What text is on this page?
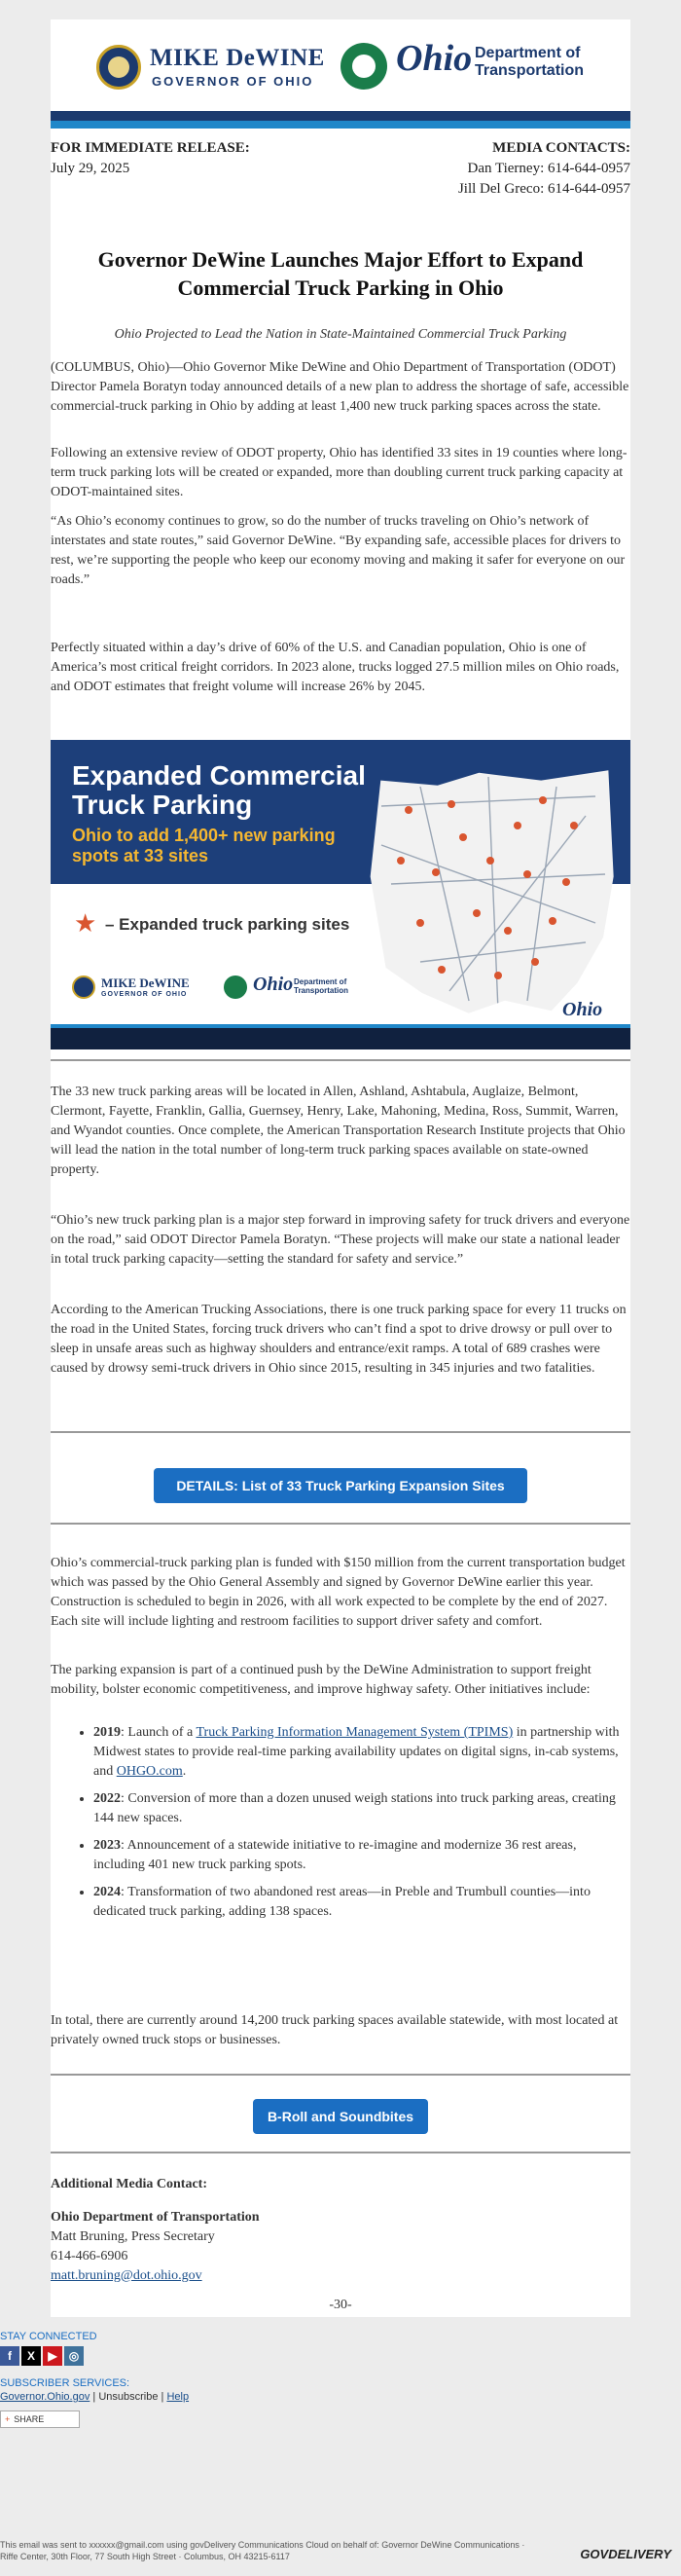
MIKE DeWINE
GOVERNOR OF OHIO
Ohio Department of
Transportation
FOR IMMEDIATE RELEASE:
July 29, 2025
MEDIA CONTACTS:
Dan Tierney: 614-644-0957
Jill Del Greco: 614-644-0957
Governor DeWine Launches Major Effort to Expand Commercial Truck Parking in Ohio
Ohio Projected to Lead the Nation in State-Maintained Commercial Truck Parking

(COLUMBUS, Ohio)—Ohio Governor Mike DeWine and Ohio Department of Transportation (ODOT) Director Pamela Boratyn today announced details of a new plan to address the shortage of safe, accessible commercial-truck parking in Ohio by adding at least 1,400 new truck parking spaces across the state.

Following an extensive review of ODOT property, Ohio has identified 33 sites in 19 counties where long-term truck parking lots will be created or expanded, more than doubling current truck parking capacity at ODOT-maintained sites.

“As Ohio’s economy continues to grow, so do the number of trucks traveling on Ohio’s network of interstates and state routes,” said Governor DeWine. “By expanding safe, accessible places for drivers to rest, we’re supporting the people who keep our economy moving and making it safer for everyone on our roads.”

Perfectly situated within a day’s drive of 60% of the U.S. and Canadian population, Ohio is one of America’s most critical freight corridors. In 2023 alone, trucks logged 27.5 million miles on Ohio roads, and ODOT estimates that freight volume will increase 26% by 2045.

Expanded Commercial
Truck Parking
Ohio to add 1,400+ new parking
spots at 33 sites
★ – Expanded truck parking sites
MIKE DeWINE
GOVERNOR OF OHIO	Ohio Department of
Transportation
Ohio

The 33 new truck parking areas will be located in Allen, Ashland, Ashtabula, Auglaize, Belmont, Clermont, Fayette, Franklin, Gallia, Guernsey, Henry, Lake, Mahoning, Medina, Ross, Summit, Warren, and Wyandot counties. Once complete, the American Transportation Research Institute projects that Ohio will lead the nation in the total number of long-term truck parking spaces available on state-owned property.

“Ohio’s new truck parking plan is a major step forward in improving safety for truck drivers and everyone on the road,” said ODOT Director Pamela Boratyn. “These projects will make our state a national leader in total truck parking capacity—setting the standard for safety and service.”

According to the American Trucking Associations, there is one truck parking space for every 11 trucks on the road in the United States, forcing truck drivers who can’t find a spot to drive drowsy or pull over to sleep in unsafe areas such as highway shoulders and entrance/exit ramps. A total of 689 crashes were caused by drowsy semi-truck drivers in Ohio since 2015, resulting in 345 injuries and two fatalities.

DETAILS: List of 33 Truck Parking Expansion Sites

Ohio’s commercial-truck parking plan is funded with $150 million from the current transportation budget which was passed by the Ohio General Assembly and signed by Governor DeWine earlier this year. Construction is scheduled to begin in 2026, with all work expected to be complete by the end of 2027. Each site will include lighting and restroom facilities to support driver safety and comfort.

The parking expansion is part of a continued push by the DeWine Administration to support freight mobility, bolster economic competitiveness, and improve highway safety. Other initiatives include:

• 2019: Launch of a Truck Parking Information Management System (TPIMS) in partnership with Midwest states to provide real-time parking availability updates on digital signs, in-cab systems, and OHGO.com.
• 2022: Conversion of more than a dozen unused weigh stations into truck parking areas, creating 144 new spaces.
• 2023: Announcement of a statewide initiative to re-imagine and modernize 36 rest areas, including 401 new truck parking spots.
• 2024: Transformation of two abandoned rest areas—in Preble and Trumbull counties—into dedicated truck parking, adding 138 spaces.

In total, there are currently around 14,200 truck parking spaces available statewide, with most located at privately owned truck stops or businesses.

B-Roll and Soundbites
Additional Media Contact:
Ohio Department of Transportation
Matt Bruning, Press Secretary
614-466-6906
matt.bruning@dot.ohio.gov
-30-
STAY CONNECTED
f	X	▶	◎
SUBSCRIBER SERVICES:
Governor.Ohio.gov | Unsubscribe | Help
+ SHARE
This email was sent to xxxxxx@gmail.com using govDelivery Communications Cloud on behalf of: Governor DeWine Communications · Riffe Center, 30th Floor, 77 South High Street · Columbus, OH 43215-6117	GOVDELIVERY
